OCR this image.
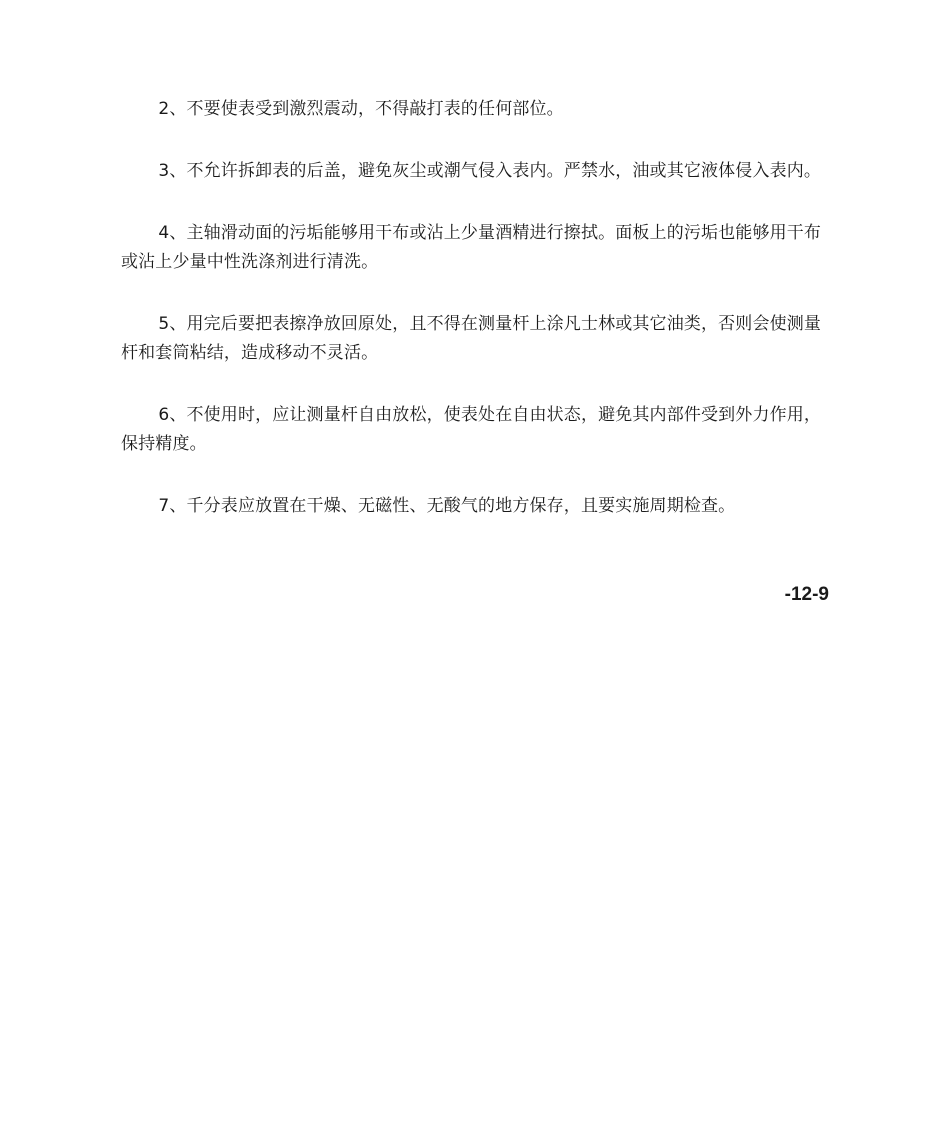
2、不要使表受到激烈震动，不得敲打表的任何部位。

3、不允许拆卸表的后盖，避免灰尘或潮气侵入表内。严禁水，油或其它液体侵入表内。

4、主轴滑动面的污垢能够用干布或沾上少量酒精进行擦拭。面板上的污垢也能够用干布或沾上少量中性洗涤剂进行清洗。

5、用完后要把表擦净放回原处，且不得在测量杆上涂凡士林或其它油类，否则会使测量杆和套筒粘结，造成移动不灵活。

6、不使用时，应让测量杆自由放松，使表处在自由状态，避免其内部件受到外力作用，保持精度。

7、千分表应放置在干燥、无磁性、无酸气的地方保存，且要实施周期检查。

-12-9
